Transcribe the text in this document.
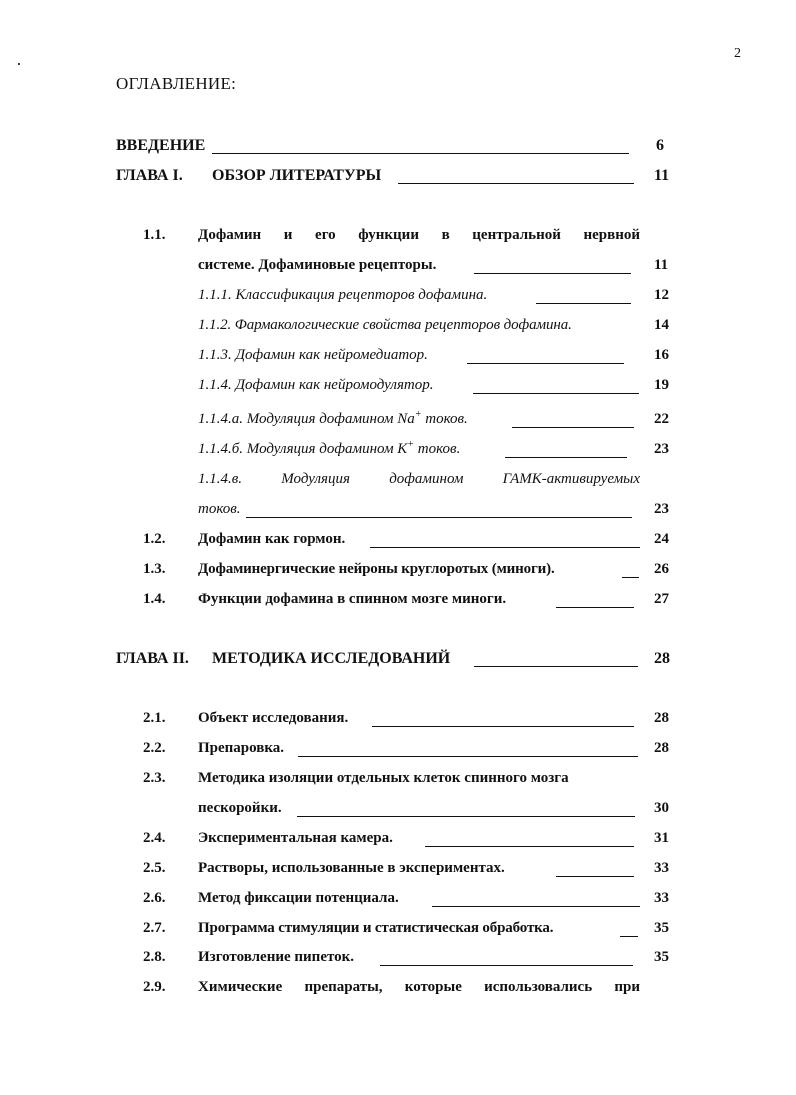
2
ОГЛАВЛЕНИЕ:
ВВЕДЕНИЕ	6
ГЛАВА I. ОБЗОР ЛИТЕРАТУРЫ	11
1.1. Дофамин и его функции в центральной нервной
системе. Дофаминовые рецепторы.	11
1.1.1. Классификация рецепторов дофамина.	12
1.1.2. Фармакологические свойства рецепторов дофамина.	14
1.1.3. Дофамин как нейромедиатор.	16
1.1.4. Дофамин как нейромодулятор.	19
1.1.4.а. Модуляция дофамином Na+ токов.	22
1.1.4.б. Модуляция дофамином K+ токов.	23
1.1.4.в. Модуляция дофамином ГАМК-активируемых
токов.	23
1.2. Дофамин как гормон.	24
1.3. Дофаминергические нейроны круглоротых (миноги).	26
1.4. Функции дофамина в спинном мозге миноги.	27
ГЛАВА II. МЕТОДИКА ИССЛЕДОВАНИЙ	28
2.1. Объект исследования.	28
2.2. Препаровка.	28
2.3. Методика изоляции отдельных клеток спинного мозга
пескоройки.	30
2.4. Экспериментальная камера.	31
2.5. Растворы, использованные в экспериментах.	33
2.6. Метод фиксации потенциала.	33
2.7. Программа стимуляции и статистическая обработка.	35
2.8. Изготовление пипеток.	35
2.9. Химические препараты, которые использовались при
